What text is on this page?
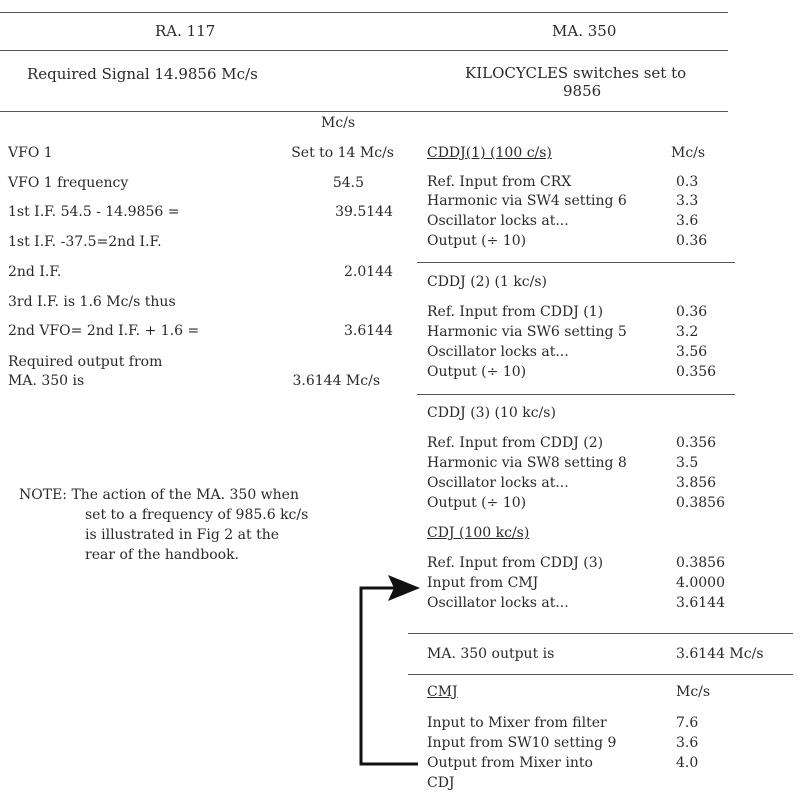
RA. 117	MA. 350
Required Signal 14.9856 Mc/s	KILOCYCLES switches set to
9856
Mc/s
VFO 1	Set to 14 Mc/s
VFO 1 frequency	54.5
1st I.F. 54.5 - 14.9856 =	39.5144
1st I.F. -37.5=2nd I.F.
2nd I.F.	2.0144
3rd I.F. is 1.6 Mc/s thus
2nd VFO= 2nd I.F. + 1.6 =	3.6144
Required output from
MA. 350 is	3.6144 Mc/s
NOTE: The action of the MA. 350 when
set to a frequency of 985.6 kc/s
is illustrated in Fig 2 at the
rear of the handbook.
CDDJ(1) (100 c/s)	Mc/s
Ref. Input from CRX	0.3
Harmonic via SW4 setting 6	3.3
Oscillator locks at...	3.6
Output (÷ 10)	0.36
CDDJ (2) (1 kc/s)
Ref. Input from CDDJ (1)	0.36
Harmonic via SW6 setting 5	3.2
Oscillator locks at...	3.56
Output (÷ 10)	0.356
CDDJ (3) (10 kc/s)
Ref. Input from CDDJ (2)	0.356
Harmonic via SW8 setting 8	3.5
Oscillator locks at...	3.856
Output (÷ 10)	0.3856
CDJ (100 kc/s)
Ref. Input from CDDJ (3)	0.3856
Input from CMJ	4.0000
Oscillator locks at...	3.6144
MA. 350 output is	3.6144 Mc/s
CMJ	Mc/s
Input to Mixer from filter	7.6
Input from SW10 setting 9	3.6
Output from Mixer into	4.0
CDJ
